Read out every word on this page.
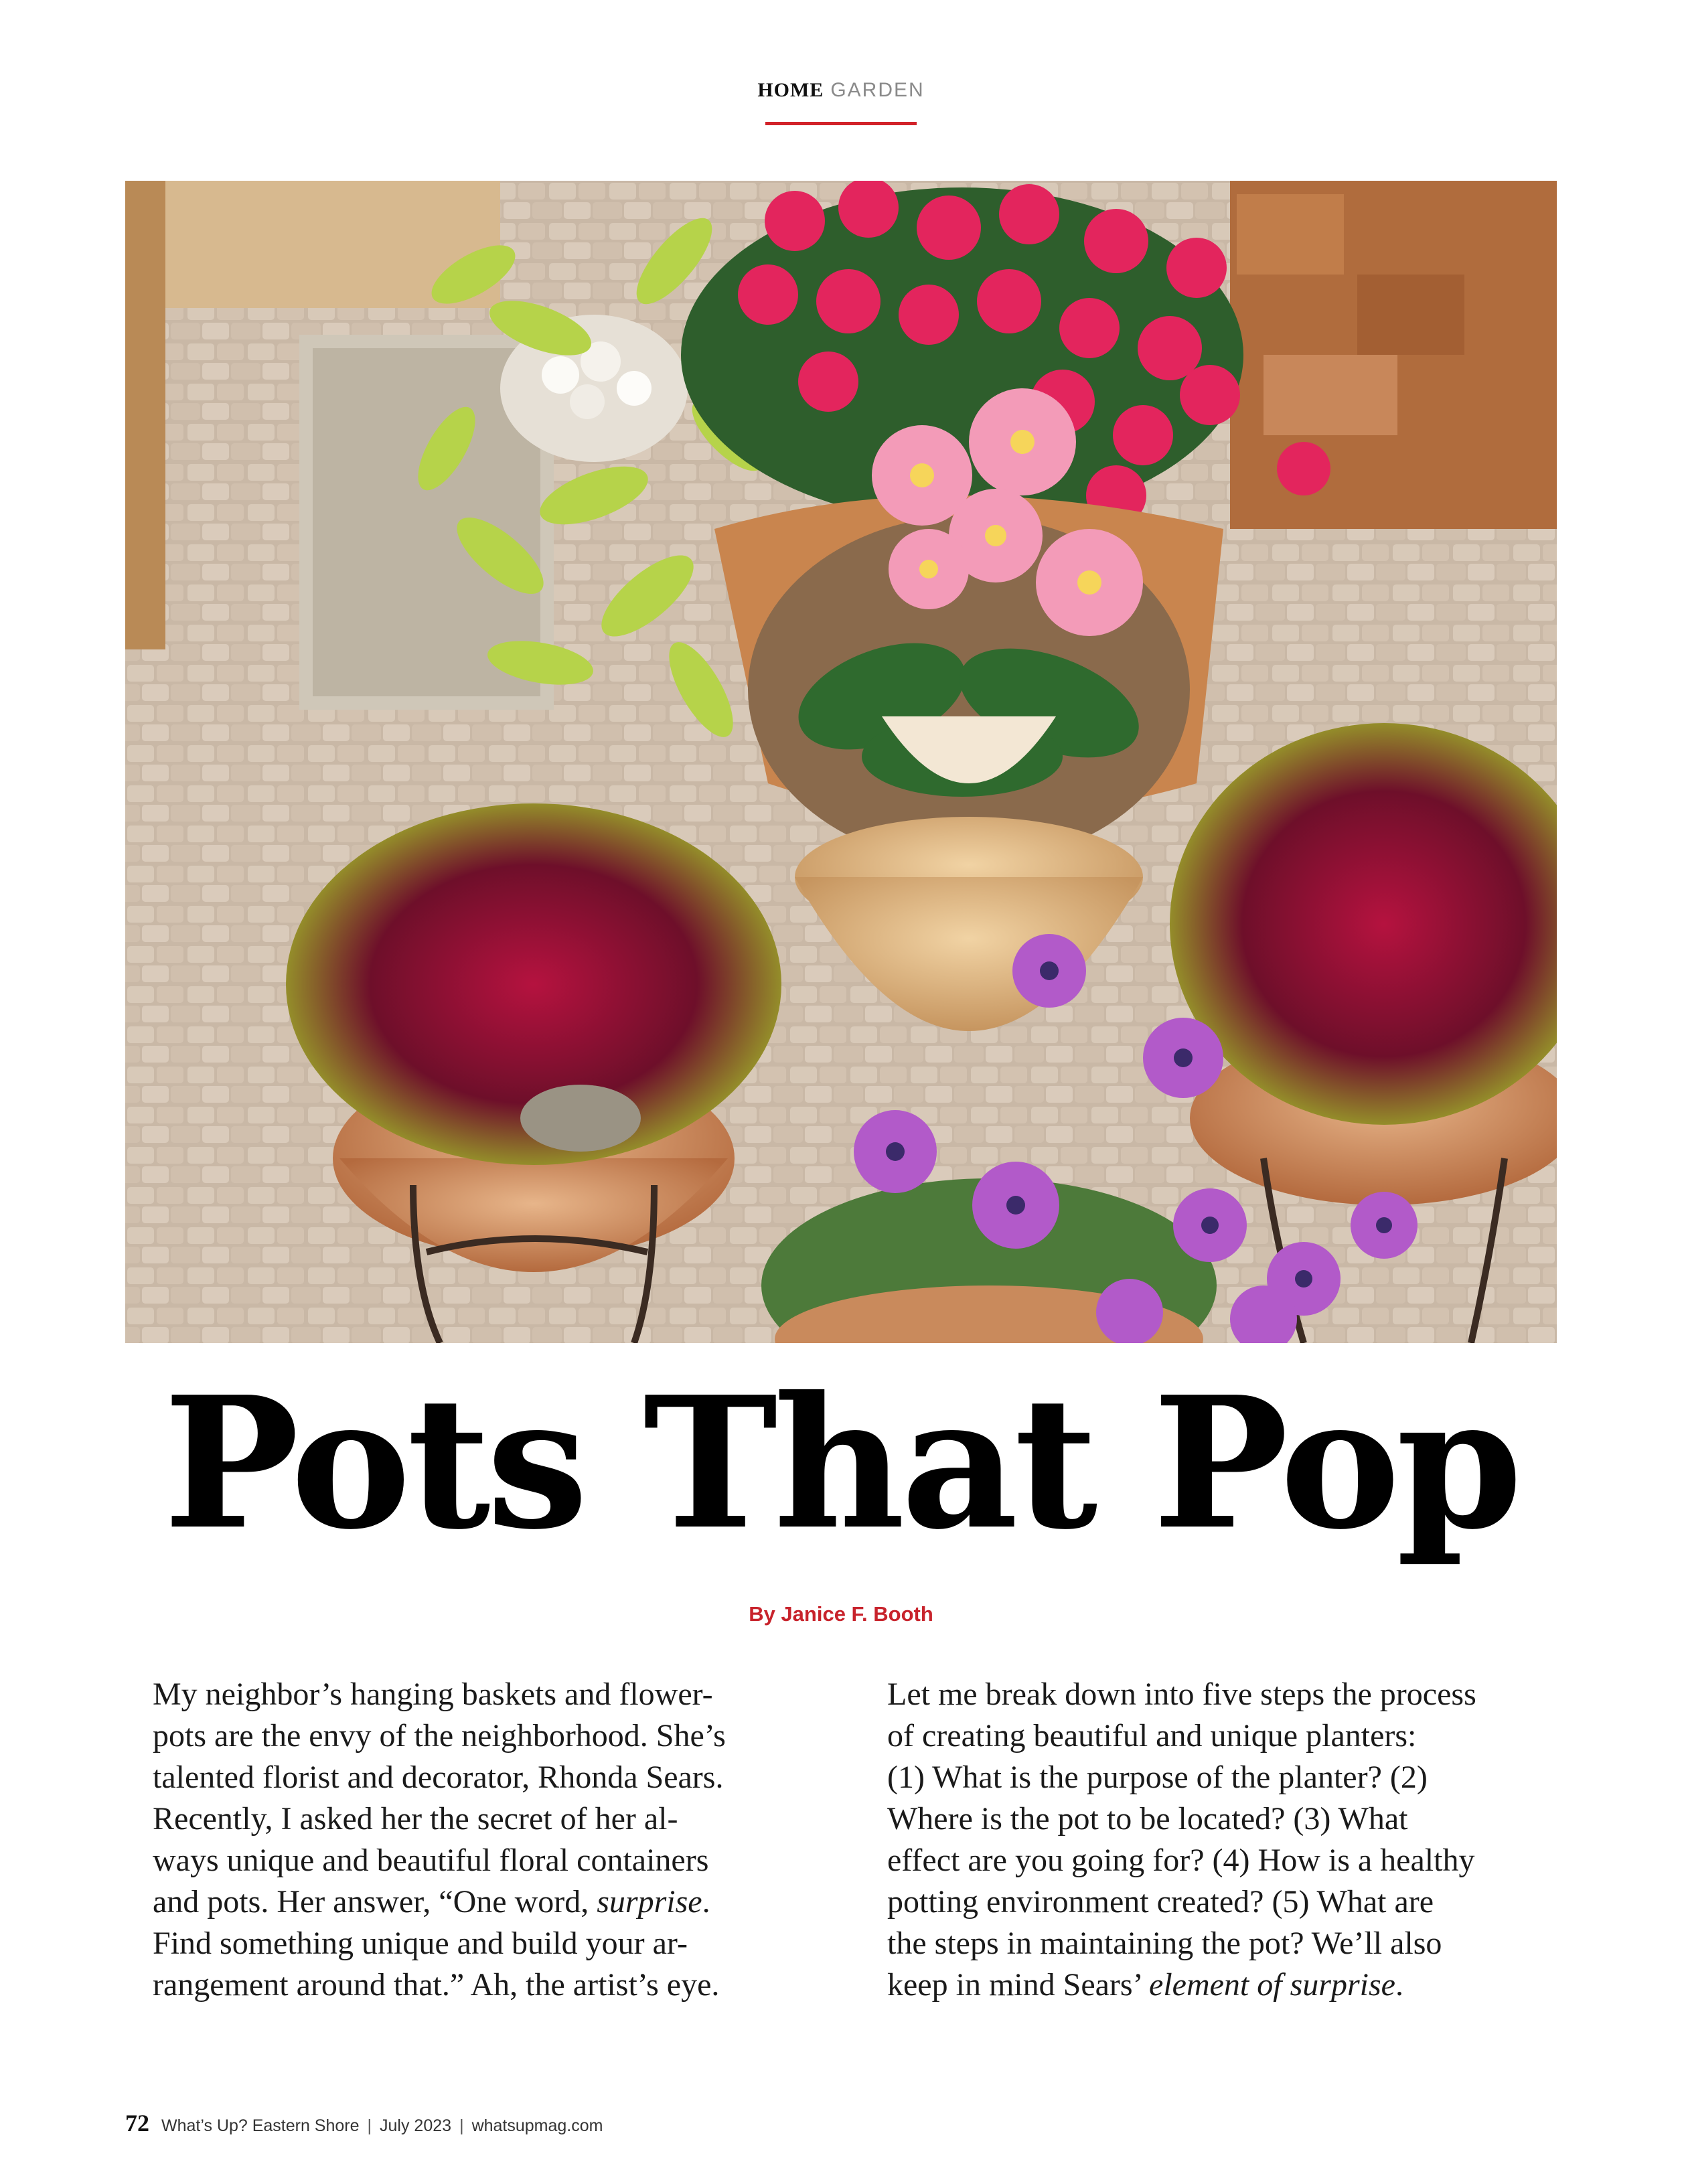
HOME GARDEN
Pots That Pop
By Janice F. Booth

My neighbor’s hanging baskets and flower-
pots are the envy of the neighborhood. She’s
talented florist and decorator, Rhonda Sears.
Recently, I asked her the secret of her al-
ways unique and beautiful floral containers
and pots. Her answer, “One word, surprise.
Find something unique and build your ar-
rangement around that.” Ah, the artist’s eye.

Let me break down into five steps the process
of creating beautiful and unique planters:
(1) What is the purpose of the planter? (2)
Where is the pot to be located? (3) What
effect are you going for? (4) How is a healthy
potting environment created? (5) What are
the steps in maintaining the pot? We’ll also
keep in mind Sears’ element of surprise.

72 What’s Up? Eastern Shore | July 2023 | whatsupmag.com
